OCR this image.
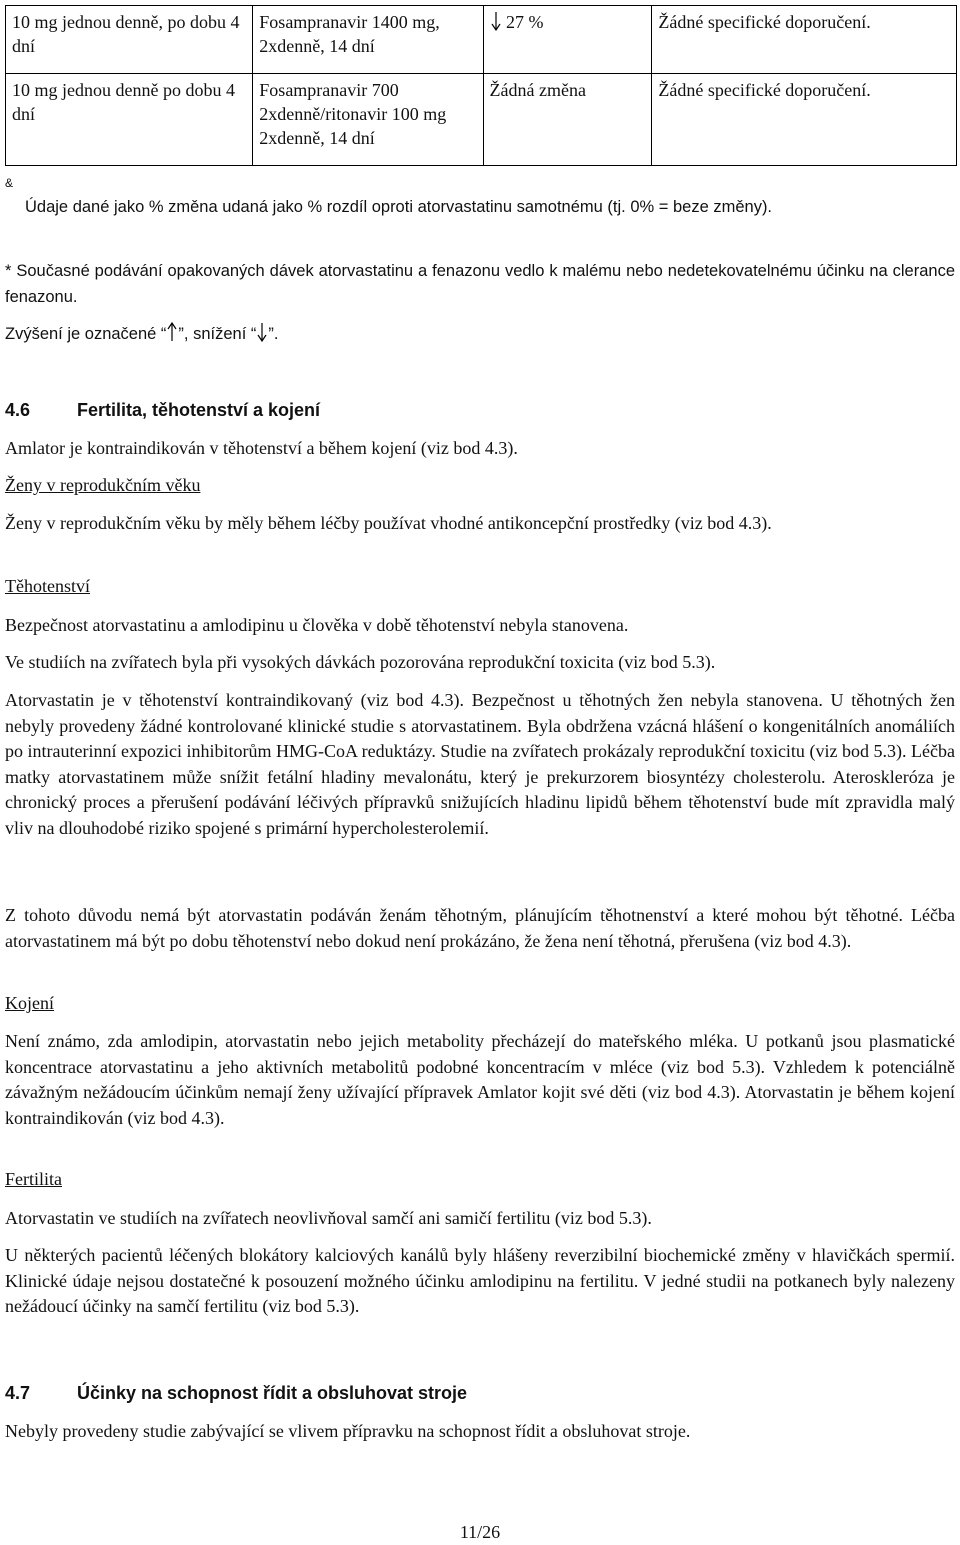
10 mg jednou denně, po dobu 4 dní	Fosampranavir 1400 mg, 2xdenně, 14 dní	27 %	Žádné specifické doporučení.
10 mg jednou denně po dobu 4 dní	Fosampranavir 700 2xdenně/ritonavir 100 mg 2xdenně, 14 dní	Žádná změna	Žádné specifické doporučení.
&
Údaje dané jako % změna udaná jako % rozdíl oproti atorvastatinu samotnému (tj. 0% = beze změny).
* Současné podávání opakovaných dávek atorvastatinu a fenazonu vedlo k malému nebo nedetekovatelnému účinku na clerance fenazonu.
Zvýšení je označené “ ”, snížení “ ”.
4.6	Fertilita, těhotenství a kojení
Amlator je kontraindikován v těhotenství a během kojení (viz bod 4.3).
Ženy v reprodukčním věku
Ženy v reprodukčním věku by měly během léčby používat vhodné antikoncepční prostředky (viz bod 4.3).
Těhotenství
Bezpečnost atorvastatinu a amlodipinu u člověka v době těhotenství nebyla stanovena.
Ve studiích na zvířatech byla při vysokých dávkách pozorována reprodukční toxicita (viz bod 5.3).
Atorvastatin je v těhotenství kontraindikovaný (viz bod 4.3). Bezpečnost u těhotných žen nebyla stanovena. U těhotných žen nebyly provedeny žádné kontrolované klinické studie s atorvastatinem. Byla obdržena vzácná hlášení o kongenitálních anomáliích po intrauterinní expozici inhibitorům HMG-CoA reduktázy. Studie na zvířatech prokázaly reprodukční toxicitu (viz bod 5.3). Léčba matky atorvastatinem může snížit fetální hladiny mevalonátu, který je prekurzorem biosyntézy cholesterolu. Ateroskleróza je chronický proces a přerušení podávání léčivých přípravků snižujících hladinu lipidů během těhotenství bude mít zpravidla malý vliv na dlouhodobé riziko spojené s primární hypercholesterolemií.
Z tohoto důvodu nemá být atorvastatin podáván ženám těhotným, plánujícím těhotnenství a které mohou být těhotné. Léčba atorvastatinem má být po dobu těhotenství nebo dokud není prokázáno, že žena není těhotná, přerušena (viz bod 4.3).
Kojení
Není známo, zda amlodipin, atorvastatin nebo jejich metabolity přecházejí do mateřského mléka. U potkanů jsou plasmatické koncentrace atorvastatinu a jeho aktivních metabolitů podobné koncentracím v mléce (viz bod 5.3). Vzhledem k potenciálně závažným nežádoucím účinkům nemají ženy užívající přípravek Amlator kojit své děti (viz bod 4.3). Atorvastatin je během kojení kontraindikován (viz bod 4.3).
Fertilita
Atorvastatin ve studiích na zvířatech neovlivňoval samčí ani samičí fertilitu (viz bod 5.3).
U některých pacientů léčených blokátory kalciových kanálů byly hlášeny reverzibilní biochemické změny v hlavičkách spermií. Klinické údaje nejsou dostatečné k posouzení možného účinku amlodipinu na fertilitu. V jedné studii na potkanech byly nalezeny nežádoucí účinky na samčí fertilitu (viz bod 5.3).
4.7	Účinky na schopnost řídit a obsluhovat stroje
Nebyly provedeny studie zabývající se vlivem přípravku na schopnost řídit a obsluhovat stroje.
11/26
